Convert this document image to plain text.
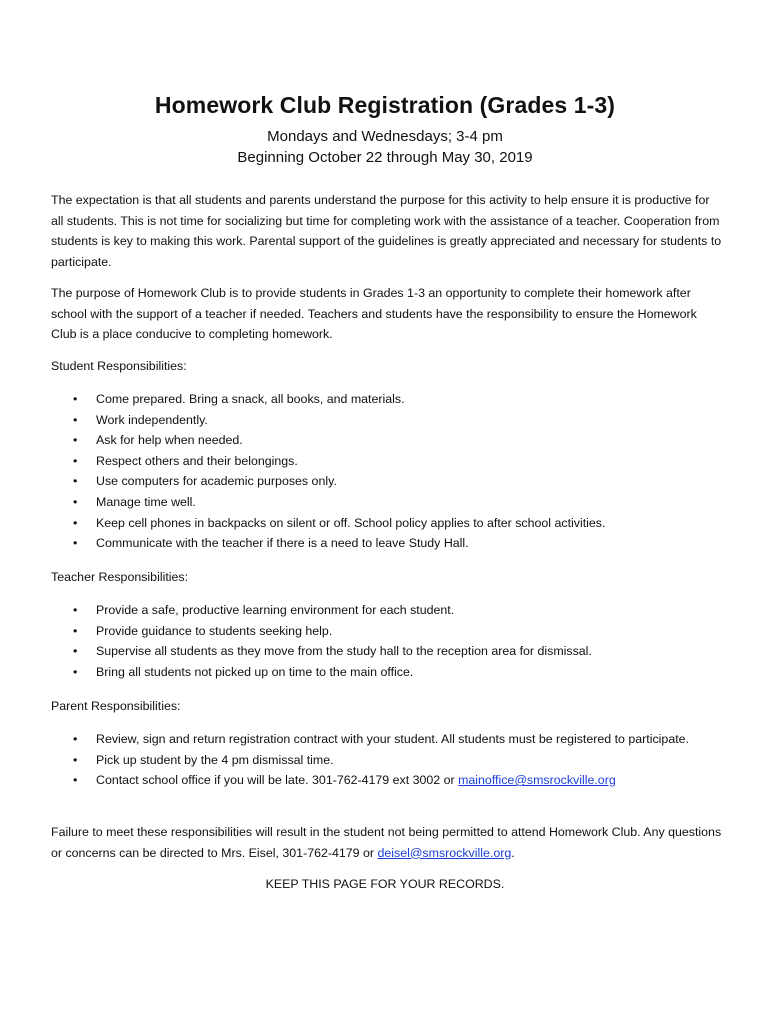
Homework Club Registration (Grades 1-3)
Mondays and Wednesdays; 3-4 pm
Beginning October 22 through May 30, 2019

The expectation is that all students and parents understand the purpose for this activity to help ensure it is productive for all students. This is not time for socializing but time for completing work with the assistance of a teacher. Cooperation from students is key to making this work. Parental support of the guidelines is greatly appreciated and necessary for students to participate.

The purpose of Homework Club is to provide students in Grades 1-3 an opportunity to complete their homework after school with the support of a teacher if needed. Teachers and students have the responsibility to ensure the Homework Club is a place conducive to completing homework.

Student Responsibilities:

• Come prepared. Bring a snack, all books, and materials.
• Work independently.
• Ask for help when needed.
• Respect others and their belongings.
• Use computers for academic purposes only.
• Manage time well.
• Keep cell phones in backpacks on silent or off. School policy applies to after school activities.
• Communicate with the teacher if there is a need to leave Study Hall.

Teacher Responsibilities:

• Provide a safe, productive learning environment for each student.
• Provide guidance to students seeking help.
• Supervise all students as they move from the study hall to the reception area for dismissal.
• Bring all students not picked up on time to the main office.

Parent Responsibilities:

• Review, sign and return registration contract with your student. All students must be registered to participate.
• Pick up student by the 4 pm dismissal time.
• Contact school office if you will be late. 301-762-4179 ext 3002 or mainoffice@smsrockville.org

Failure to meet these responsibilities will result in the student not being permitted to attend Homework Club. Any questions or concerns can be directed to Mrs. Eisel, 301-762-4179 or deisel@smsrockville.org.

KEEP THIS PAGE FOR YOUR RECORDS.
